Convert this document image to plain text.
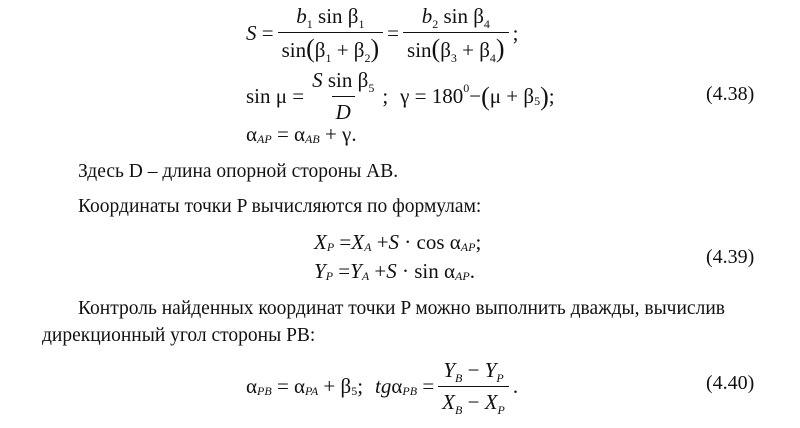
$S = \frac{b_1 \sin \beta_1}{\sin(\beta_1 + \beta_2)} = \frac{b_2 \sin \beta_4}{\sin(\beta_3 + \beta_4)}$ ;
$\sin \mu = \frac{S \sin \beta_5}{D}$ ;
γ = 180 0 − ( μ + β 5 ) ;	(4.38)
α AP = α AB + γ.
Здесь D – длина опорной стороны AB.
Координаты точки P вычисляются по формулам:
X P = X A + S · cos α AP ;
Y P = Y A + S · sin α AP .
(4.39)
Контроль найденных координат точки P можно выполнить дважды, вычислив
дирекционный угол стороны PB:
α PB = α PA + β 5 ; tg α PB = $\frac{Y_B - Y_P}{X_B - X_P}$ .	(4.40)
